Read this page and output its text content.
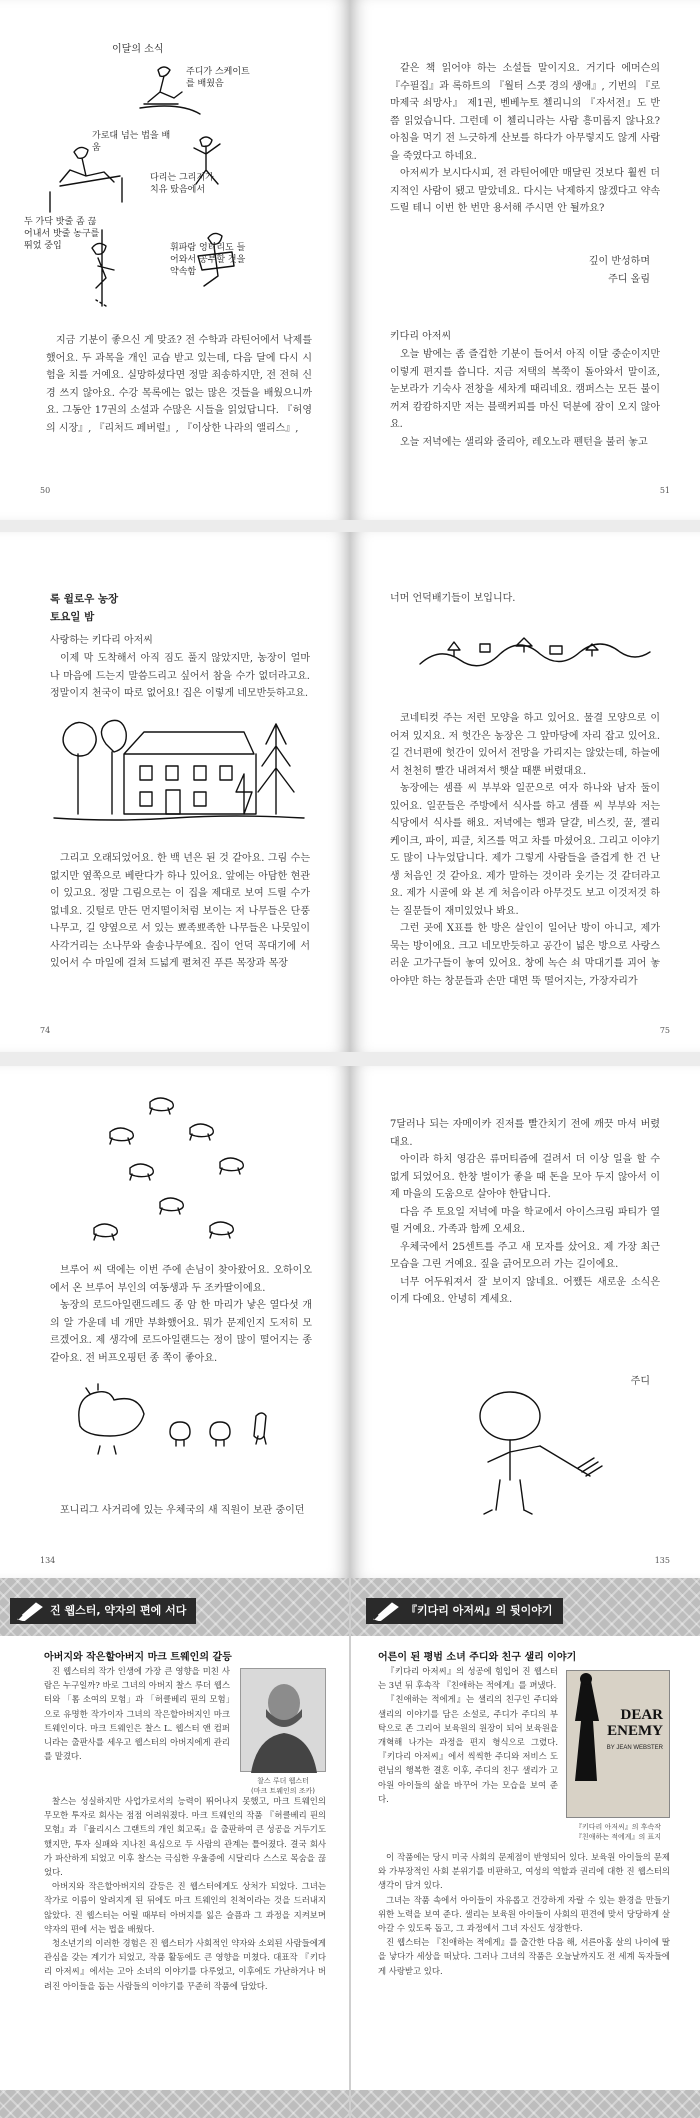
이달의 소식
주디가 스케이트를 배웠음
가로대 넘는 법을 배움
다리는 그리지가 치유 탔음에서
두 가닥 밧줄 좀 끊어내서 밧줄 농구를 뛰었 중입	휘파람 엉터리도 들어와서 공부할 것을 약속함

지금 기분이 좋으신 게 맞죠? 전 수학과 라틴어에서 낙제를 했어요. 두 과목을 개인 교습 받고 있는데, 다음 달에 다시 시험을 치를 거예요. 실망하셨다면 정말 죄송하지만, 전 전혀 신경 쓰지 않아요. 수강 목록에는 없는 많은 것들을 배웠으니까요. 그동안 17권의 소설과 수많은 시들을 읽었답니다. 『허영의 시장』, 『리처드 페버럴』, 『이상한 나라의 앨리스』,

50

같은 책 읽어야 하는 소설들 말이지요. 거기다 에머슨의 『수필집』과 록하트의 『월터 스콧 경의 생애』, 기번의 『로마제국 쇠망사』 제1권, 벤베누토 첼리니의 『자서전』도 반쯤 읽었습니다. 그런데 이 첼리니라는 사람 흥미롭지 않나요? 아침을 먹기 전 느긋하게 산보를 하다가 아무렇지도 않게 사람을 죽였다고 하네요.

아저씨가 보시다시피, 전 라틴어에만 매달린 것보다 훨씬 더 지적인 사람이 됐고 말았네요. 다시는 낙제하지 않겠다고 약속드릴 테니 이번 한 번만 용서해 주시면 안 될까요?

깊이 반성하며
주디 올림
키다리 아저씨

오늘 밤에는 좀 즐겁한 기분이 들어서 아직 이달 중순이지만 이렇게 편지를 씁니다. 지금 저택의 복쭉이 돌아와서 말이죠, 눈보라가 기숙사 전창을 세차게 때리네요. 캠퍼스는 모든 불이 꺼져 캄캄하지만 저는 블랙커피를 마신 덕분에 잠이 오지 않아요.

오늘 저녁에는 샐리와 줄리아, 레오노라 펜턴을 불러 놓고

51
록 윌로우 농장
토요일 밤
사랑하는 키다리 아저씨

이제 막 도착해서 아직 짐도 풀지 않았지만, 농장이 얼마나 마음에 드는지 말씀드리고 싶어서 참을 수가 없더라고요. 정말이지 천국이 따로 없어요! 집은 이렇게 네모반듯하고요.

그리고 오래되었어요. 한 백 년은 된 것 같아요. 그림 수는 없지만 옆쪽으로 베란다가 하나 있어요. 앞에는 아담한 현관이 있고요. 정말 그림으로는 이 집을 제대로 보여 드릴 수가 없네요. 깃털로 만든 먼지떨이처럼 보이는 저 나무들은 단풍나무고, 길 양옆으로 서 있는 뾰족뾰족한 나무들은 나뭇잎이 사각거리는 소나무와 솔송나무예요. 집이 언덕 꼭대기에 서 있어서 수 마일에 걸쳐 드넓게 펼쳐진 푸른 목장과 목장

74

너머 언덕배기들이 보입니다.

코네티컷 주는 저런 모양을 하고 있어요. 물결 모양으로 이어져 있지요. 저 헛간은 농장은 그 앞마당에 자리 잡고 있어요. 길 건너편에 헛간이 있어서 전망을 가리지는 않았는데, 하늘에서 천천히 빨간 내려져서 햇살 때뿐 버렸대요.

농장에는 셈플 씨 부부와 일꾼으로 여자 하나와 남자 둘이 있어요. 일꾼들은 주방에서 식사를 하고 셈플 씨 부부와 저는 식당에서 식사를 해요. 저녁에는 햄과 달걀, 비스킷, 꿀, 젤리 케이크, 파이, 피클, 치즈를 먹고 차를 마셨어요. 그리고 이야기도 많이 나누었답니다. 제가 그렇게 사람들을 즐겁게 한 건 난생 처음인 것 같아요. 제가 말하는 것이라 웃기는 것 같더라고요. 제가 시골에 와 본 게 처음이라 아무것도 보고 이것저것 하는 질문들이 재미있었나 봐요.

그런 곳에 X표를 한 방은 살인이 일어난 방이 아니고, 제가 묵는 방이에요. 크고 네모반듯하고 공간이 넓은 방으로 사랑스러운 고가구들이 놓여 있어요. 창에 녹슨 쇠 막대기를 괴어 놓아야만 하는 창문들과 손만 대면 뚝 떨어지는, 가장자리가

75

브루어 씨 댁에는 이번 주에 손님이 찾아왔어요. 오하이오에서 온 브루어 부인의 여동생과 두 조카딸이에요.

농장의 로드아일랜드레드 종 암 한 마리가 낳은 열다섯 개의 알 가운데 네 개만 부화했어요. 뭐가 문제인지 도저히 모르겠어요. 제 생각에 로드아일랜드는 정이 많이 떨어지는 종 같아요. 전 버프오핑턴 종 쪽이 좋아요.

포니리그 사거리에 있는 우체국의 새 직원이 보관 중이던

134

7달러나 되는 자메이카 진저를 빨간치기 전에 깨끗 마셔 버렸대요.

아이라 하치 영감은 류머티즘에 걸려서 더 이상 일을 할 수 없게 되었어요. 한창 벌이가 좋을 때 돈을 모아 두지 않아서 이제 마을의 도움으로 살아야 한답니다.

다음 주 토요일 저녁에 마을 학교에서 아이스크림 파티가 열릴 거예요. 가족과 함께 오세요.

우체국에서 25센트를 주고 새 모자를 샀어요. 제 가장 최근 모습을 그린 거예요. 짚을 긁어모으러 가는 길이에요.

너무 어두워져서 잘 보이지 않네요. 어쨌든 새로운 소식은 이게 다예요. 안녕히 계세요.

주디
135
진 웹스터, 약자의 편에 서다
아버지와 작은할아버지 마크 트웨인의 갈등
찰스 루더 웹스터
(마크 트웨인의 조카)

진 웹스터의 작가 인생에 가장 큰 영향을 미친 사람은 누구일까? 바로 그녀의 아버지 찰스 루더 웹스터와 「톰 소여의 모험」과 「허클베리 핀의 모험」으로 유명한 작가이자 그녀의 작은할아버지인 마크 트웨인이다. 마크 트웨인은 찰스 L. 웹스터 앤 컴퍼니라는 출판사를 세우고 웹스터의 아버지에게 관리를 맡겼다.

찰스는 성실하지만 사업가로서의 능력이 뛰어나지 못했고, 마크 트웨인의 무모한 투자로 회사는 점점 어려워졌다. 마크 트웨인의 작품 『허클베리 핀의 모험』과 『율리시스 그랜트의 개인 회고록』을 출판하여 큰 성공을 거두기도 했지만, 투자 실패와 지나친 욕심으로 두 사람의 관계는 틀어졌다. 결국 회사가 파산하게 되었고 이후 찰스는 극심한 우울증에 시달리다 스스로 목숨을 끊었다.

아버지와 작은할아버지의 갈등은 진 웹스터에게도 상처가 되었다. 그녀는 작가로 이름이 알려지게 된 뒤에도 마크 트웨인의 친척이라는 것을 드러내지 않았다. 진 웹스터는 어릴 때부터 아버지를 잃은 슬픔과 그 과정을 지켜보며 약자의 편에 서는 법을 배웠다.

청소년기의 이러한 경험은 진 웹스터가 사회적인 약자와 소외된 사람들에게 관심을 갖는 계기가 되었고, 작품 활동에도 큰 영향을 미쳤다. 대표작 『키다리 아저씨』에서는 고아 소녀의 이야기를 다루었고, 이후에도 가난하거나 버려진 아이들을 돕는 사람들의 이야기를 꾸준히 작품에 담았다.

『키다리 아저씨』의 뒷이야기
어른이 된 평범 소녀 주디와 친구 샐리 이야기
DEAR
ENEMY
BY JEAN WEBSTER
『키다리 아저씨』의 후속작
『친애하는 적에게』의 표지

『키다리 아저씨』의 성공에 힘입어 진 웹스터는 3년 뒤 후속작 『친애하는 적에게』를 펴냈다.

『친애하는 적에게』는 샐리의 친구인 주디와 샐리의 이야기를 담은 소설로, 주디가 주디의 부탁으로 존 그리어 보육원의 원장이 되어 보육원을 개혁해 나가는 과정을 편지 형식으로 그렸다. 『키다리 아저씨』에서 씩씩한 주디와 저비스 도련님의 행복한 결혼 이후, 주디의 친구 샐리가 고아원 아이들의 삶을 바꾸어 가는 모습을 보여 준다.

이 작품에는 당시 미국 사회의 문제점이 반영되어 있다. 보육원 아이들의 문제와 가부장적인 사회 분위기를 비판하고, 여성의 역할과 권리에 대한 진 웹스터의 생각이 담겨 있다.

그녀는 작품 속에서 아이들이 자유롭고 건강하게 자랄 수 있는 환경을 만들기 위한 노력을 보여 준다. 샐리는 보육원 아이들이 사회의 편견에 맞서 당당하게 살아갈 수 있도록 돕고, 그 과정에서 그녀 자신도 성장한다.

진 웹스터는 『친애하는 적에게』를 출간한 다음 해, 서른아홉 살의 나이에 딸을 낳다가 세상을 떠났다. 그러나 그녀의 작품은 오늘날까지도 전 세계 독자들에게 사랑받고 있다.
